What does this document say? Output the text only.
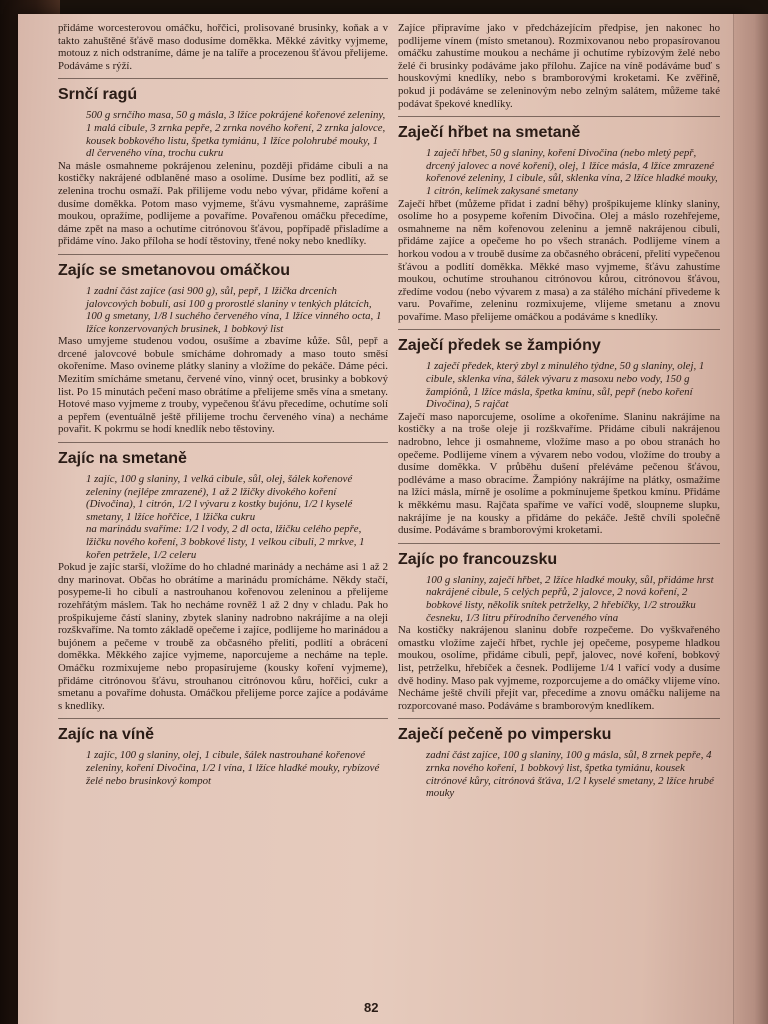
přidáme worcesterovou omáčku, hořčici, prolisované brusinky, koňak a v takto zahuštěné šťávě maso dodusíme doměkka. Měkké závitky vyjmeme, motouz z nich odstraníme, dáme je na talíře a procezenou šťávou přelijeme. Podáváme s rýží.
Srnčí ragú
500 g srnčího masa, 50 g másla, 3 lžíce pokrájené kořenové zeleniny, 1 malá cibule, 3 zrnka pepře, 2 zrnka nového koření, 2 zrnka jalovce, kousek bobkového listu, špetka tymiánu, 1 lžíce polohrubé mouky, 1 dl červeného vína, trochu cukru
Na másle osmahneme pokrájenou zeleninu, později přidáme cibuli a na kostičky nakrájené odblaněné maso a osolíme. Dusíme bez podlití, až se zelenina trochu osmaží. Pak přilijeme vodu nebo vývar, přidáme koření a dusíme doměkka. Potom maso vyjmeme, šťávu vysmahneme, zaprášíme moukou, opražíme, podlijeme a povaříme. Povařenou omáčku přecedíme, dáme zpět na maso a ochutíme citrónovou šťávou, popřípadě přisladíme a přidáme víno. Jako příloha se hodí těstoviny, třené noky nebo knedlíky.
Zajíc se smetanovou omáčkou
1 zadní část zajíce (asi 900 g), sůl, pepř, 1 lžička drceních jalovcových bobulí, asi 100 g prorostlé slaniny v tenkých plátcích, 100 g smetany, 1/8 l suchého červeného vína, 1 lžíce vinného octa, 1 lžíce konzervovaných brusinek, 1 bobkový list
Maso umyjeme studenou vodou, osušíme a zbavíme kůže. Sůl, pepř a drcené jalovcové bobule smícháme dohromady a maso touto směsí okořeníme. Maso ovineme plátky slaniny a vložíme do pekáče. Dáme péci. Mezitím smícháme smetanu, červené víno, vinný ocet, brusinky a bobkový list. Po 15 minutách pečení maso obrátíme a přelijeme směs vína a smetany. Hotové maso vyjmeme z trouby, vypečenou šťávu přecedíme, ochutíme solí a pepřem (eventuálně ještě přilijeme trochu červeného vína) a necháme povařit. K pokrmu se hodí knedlík nebo těstoviny.
Zajíc na smetaně
1 zajíc, 100 g slaniny, 1 velká cibule, sůl, olej, šálek kořenové zeleniny (nejlépe zmrazené), 1 až 2 lžičky divokého koření (Divočina), 1 citrón, 1/2 l vývaru z kostky bujónu, 1/2 l kyselé smetany, 1 lžíce hořčice, 1 lžička cukru
na marinádu svaříme: 1/2 l vody, 2 dl octa, lžičku celého pepře, lžičku nového koření, 3 bobkové listy, 1 velkou cibuli, 2 mrkve, 1 kořen petržele, 1/2 celeru
Pokud je zajíc starší, vložíme do ho chladné marinády a necháme asi 1 až 2 dny marinovat. Občas ho obrátíme a marinádu promícháme. Někdy stačí, posypeme-li ho cibulí a nastrouhanou kořenovou zeleninou a přelijeme rozehřátým máslem. Tak ho necháme rovněž 1 až 2 dny v chladu. Pak ho prošpikujeme částí slaniny, zbytek slaniny nadrobno nakrájíme a na oleji rozškvaříme. Na tomto základě opečeme i zajíce, podlijeme ho marinádou a bujónem a pečeme v troubě za občasného přelití, podlití a obrácení doměkka. Měkkého zajíce vyjmeme, naporcujeme a necháme na teple. Omáčku rozmixujeme nebo propasírujeme (kousky koření vyjmeme), přidáme citrónovou šťávu, strouhanou citrónovou kůru, hořčici, cukr a smetanu a povaříme dohusta. Omáčkou přelijeme porce zajíce a podáváme s knedlíky.
Zajíc na víně
1 zajíc, 100 g slaniny, olej, 1 cibule, šálek nastrouhané kořenové zeleniny, koření Divočina, 1/2 l vína, 1 lžíce hladké mouky, rybízové želé nebo brusinkový kompot
Zajíce připravíme jako v předcházejícím předpise, jen nakonec ho podlijeme vínem (místo smetanou). Rozmixovanou nebo propasírovanou omáčku zahustíme moukou a necháme ji ochutíme rybízovým želé nebo želé či brusinky podáváme jako přílohu. Zajíce na víně podáváme buď s houskovými knedlíky, nebo s bramborovými kroketami. Ke zvěřině, pokud ji podáváme se zeleninovým nebo zelným salátem, můžeme také podávat špekové knedlíky.
Zaječí hřbet na smetaně
1 zaječí hřbet, 50 g slaniny, koření Divočina (nebo mletý pepř, drcený jalovec a nové koření), olej, 1 lžíce másla, 4 lžíce zmrazené kořenové zeleniny, 1 cibule, sůl, sklenka vína, 2 lžíce hladké mouky, 1 citrón, kelímek zakysané smetany
Zaječí hřbet (můžeme přidat i zadní běhy) prošpikujeme klínky slaniny, osolíme ho a posypeme kořením Divočina. Olej a máslo rozehřejeme, osmahneme na něm kořenovou zeleninu a jemně nakrájenou cibuli, přidáme zajíce a opečeme ho po všech stranách. Podlijeme vínem a horkou vodou a v troubě dusíme za občasného obrácení, přelití vypečenou šťávou a podlití doměkka. Měkké maso vyjmeme, šťávu zahustíme moukou, ochutíme strouhanou citrónovou kůrou, citrónovou šťávou, zředíme vodou (nebo vývarem z masa) a za stálého míchání přivedeme k varu. Povaříme, zeleninu rozmixujeme, vlijeme smetanu a znovu povaříme. Maso přelijeme omáčkou a podáváme s knedlíky.
Zaječí předek se žampióny
1 zaječí předek, který zbyl z minulého týdne, 50 g slaniny, olej, 1 cibule, sklenka vína, šálek vývaru z masoxu nebo vody, 150 g žampiónů, 1 lžíce másla, špetka kmínu, sůl, pepř (nebo koření Divočina), 5 rajčat
Zaječí maso naporcujeme, osolíme a okořeníme. Slaninu nakrájíme na kostičky a na troše oleje ji rozškvaříme. Přidáme cibuli nakrájenou nadrobno, lehce ji osmahneme, vložíme maso a po obou stranách ho opečeme. Podlijeme vínem a vývarem nebo vodou, vložíme do trouby a dusíme doměkka. V průběhu dušení přeléváme pečenou šťávou, podléváme a maso obracíme. Žampióny nakrájíme na plátky, osmažíme na lžíci másla, mírně je osolíme a pokmínujeme špetkou kmínu. Přidáme k měkkému masu. Rajčata spaříme ve vařící vodě, sloupneme slupku, nakrájíme je na kousky a přidáme do pekáče. Ještě chvíli společně dusíme. Podáváme s bramborovými kroketami.
Zajíc po francouzsku
100 g slaniny, zaječí hřbet, 2 lžíce hladké mouky, sůl, přidáme hrst nakrájené cibule, 5 celých pepřů, 2 jalovce, 2 nová koření, 2 bobkové listy, několik snítek petrželky, 2 hřebíčky, 1/2 stroužku česneku, 1/3 litru přírodního červeného vína
Na kostičky nakrájenou slaninu dobře rozpečeme. Do vyškvařeného omastku vložíme zaječí hřbet, rychle jej opečeme, posypeme hladkou moukou, osolíme, přidáme cibuli, pepř, jalovec, nové koření, bobkový list, petrželku, hřebíček a česnek. Podlijeme 1/4 l vařící vody a dusíme dvě hodiny. Maso pak vyjmeme, rozporcujeme a do omáčky vlijeme víno. Necháme ještě chvíli přejít var, přecedíme a znovu omáčku nalijeme na rozporcované maso. Podáváme s bramborovým knedlíkem.
Zaječí pečeně po vimpersku
zadní část zajíce, 100 g slaniny, 100 g másla, sůl, 8 zrnek pepře, 4 zrnka nového koření, 1 bobkový list, špetka tymiánu, kousek citrónové kůry, citrónová šťáva, 1/2 l kyselé smetany, 2 lžíce hrubé mouky
82
